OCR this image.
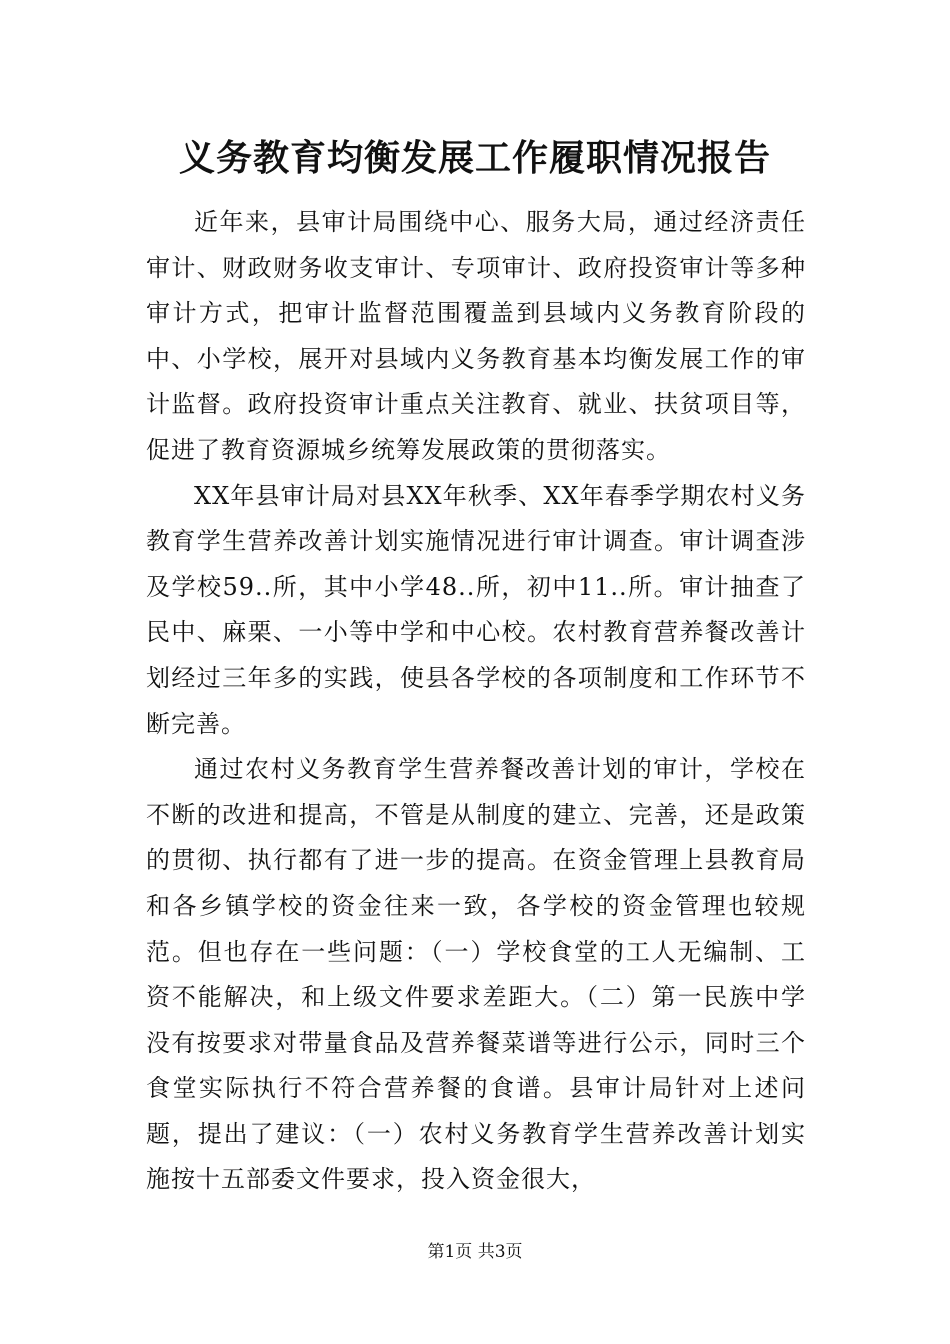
义务教育均衡发展工作履职情况报告

近年来，县审计局围绕中心、服务大局，通过经济责任审计、财政财务收支审计、专项审计、政府投资审计等多种审计方式，把审计监督范围覆盖到县域内义务教育阶段的中、小学校，展开对县域内义务教育基本均衡发展工作的审计监督。政府投资审计重点关注教育、就业、扶贫项目等，促进了教育资源城乡统筹发展政策的贯彻落实。

XX年县审计局对县XX年秋季、XX年春季学期农村义务教育学生营养改善计划实施情况进行审计调查。审计调查涉及学校59..所，其中小学48..所，初中11..所。审计抽查了民中、麻栗、一小等中学和中心校。农村教育营养餐改善计划经过三年多的实践，使县各学校的各项制度和工作环节不断完善。

通过农村义务教育学生营养餐改善计划的审计，学校在不断的改进和提高，不管是从制度的建立、完善，还是政策的贯彻、执行都有了进一步的提高。在资金管理上县教育局和各乡镇学校的资金往来一致，各学校的资金管理也较规范。但也存在一些问题：（一）学校食堂的工人无编制、工资不能解决，和上级文件要求差距大。（二）第一民族中学没有按要求对带量食品及营养餐菜谱等进行公示，同时三个食堂实际执行不符合营养餐的食谱。县审计局针对上述问题，提出了建议：（一）农村义务教育学生营养改善计划实施按十五部委文件要求，投入资金很大，

第1页 共3页
